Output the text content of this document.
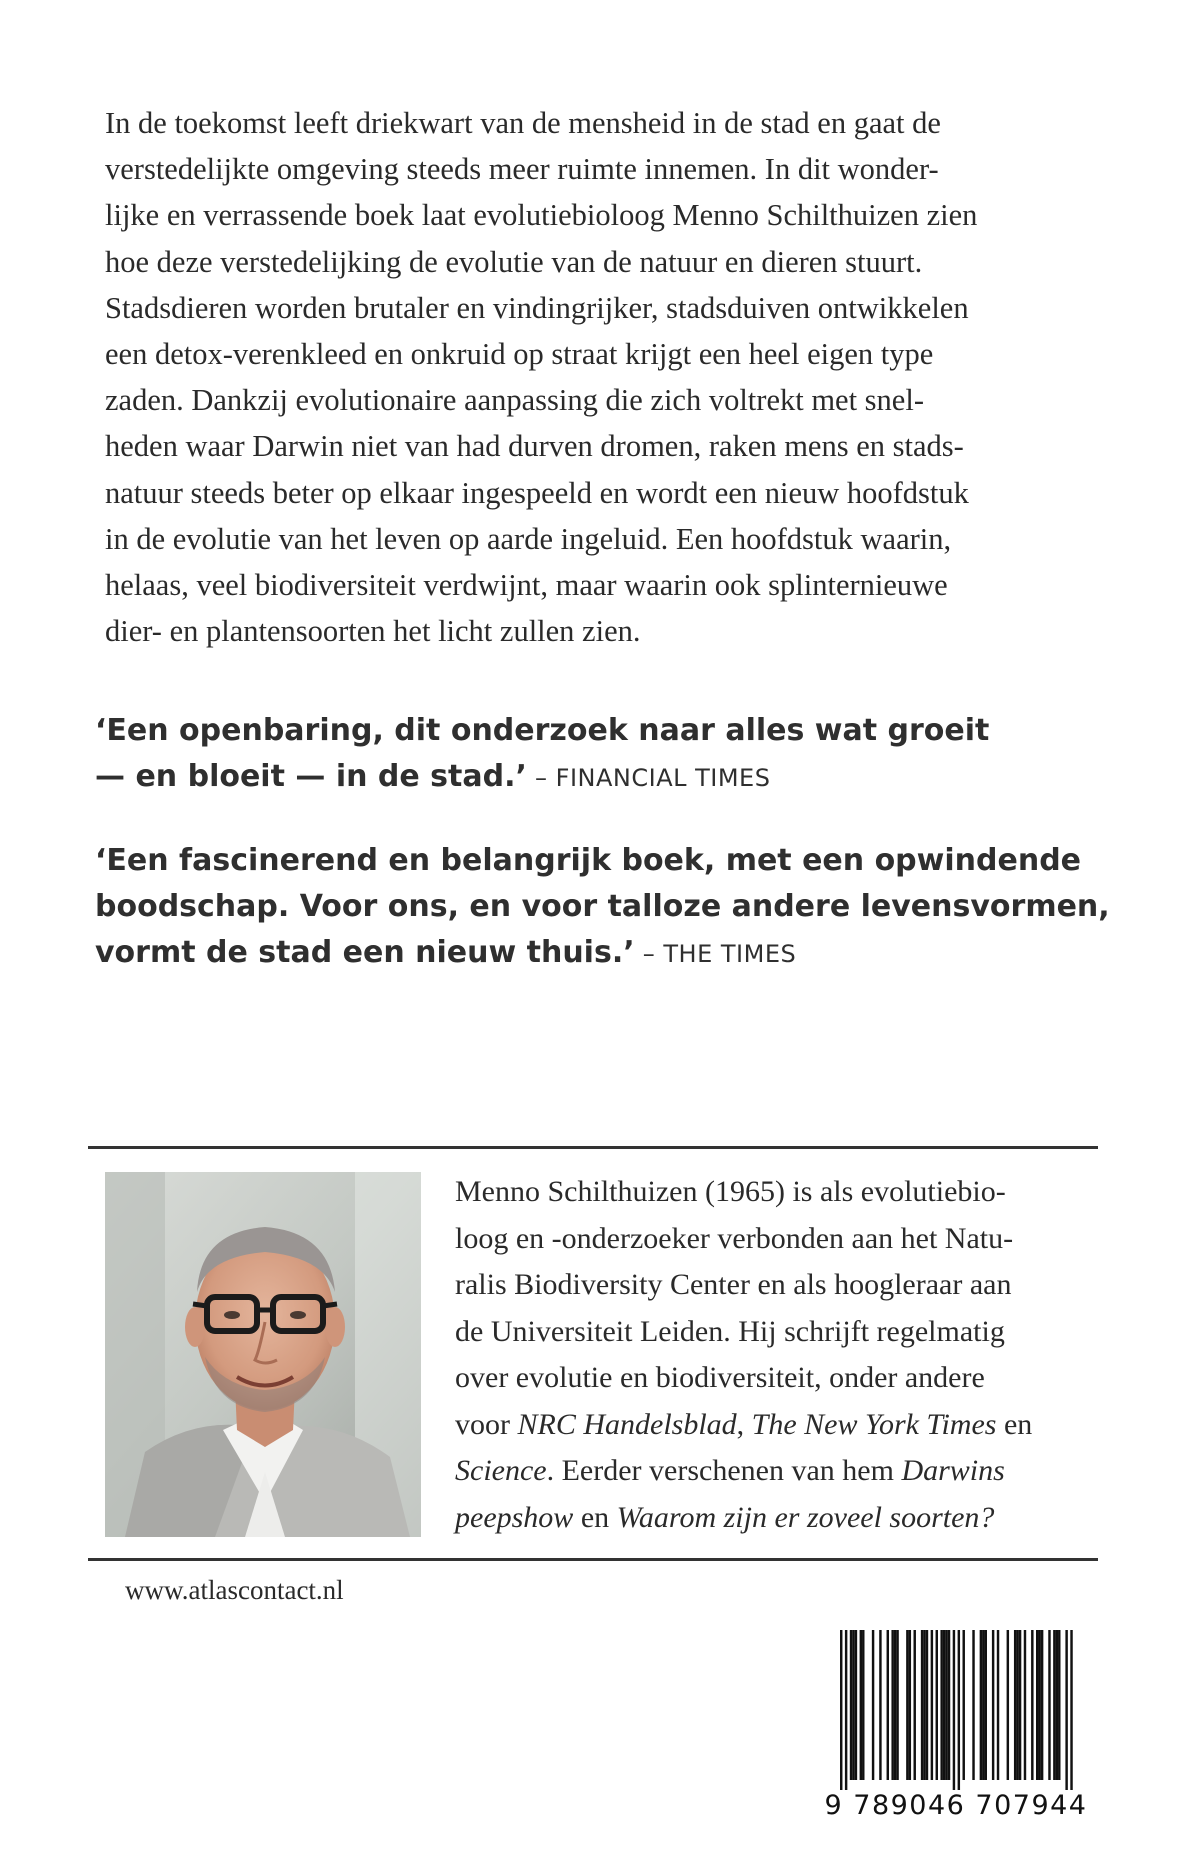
In de toekomst leeft driekwart van de mensheid in de stad en gaat de
verstedelijkte omgeving steeds meer ruimte innemen. In dit wonder-
lijke en verrassende boek laat evolutiebioloog Menno Schilthuizen zien
hoe deze verstedelijking de evolutie van de natuur en dieren stuurt.
Stadsdieren worden brutaler en vindingrijker, stadsduiven ontwikkelen
een detox-verenkleed en onkruid op straat krijgt een heel eigen type
zaden. Dankzij evolutionaire aanpassing die zich voltrekt met snel-
heden waar Darwin niet van had durven dromen, raken mens en stads-
natuur steeds beter op elkaar ingespeeld en wordt een nieuw hoofdstuk
in de evolutie van het leven op aarde ingeluid. Een hoofdstuk waarin,
helaas, veel biodiversiteit verdwijnt, maar waarin ook splinternieuwe
dier- en plantensoorten het licht zullen zien.
‘Een openbaring, dit onderzoek naar alles wat groeit
— en bloeit — in de stad.’ – FINANCIAL TIMES
‘Een fascinerend en belangrijk boek, met een opwindende
boodschap. Voor ons, en voor talloze andere levensvormen,
vormt de stad een nieuw thuis.’ – THE TIMES
Menno Schilthuizen (1965) is als evolutiebio-
loog en -onderzoeker verbonden aan het Natu-
ralis Biodiversity Center en als hoogleraar aan
de Universiteit Leiden. Hij schrijft regelmatig
over evolutie en biodiversiteit, onder andere
voor NRC Handelsblad, The New York Times en
Science. Eerder verschenen van hem Darwins
peepshow en Waarom zijn er zoveel soorten?
www.atlascontact.nl
9 789046 707944
